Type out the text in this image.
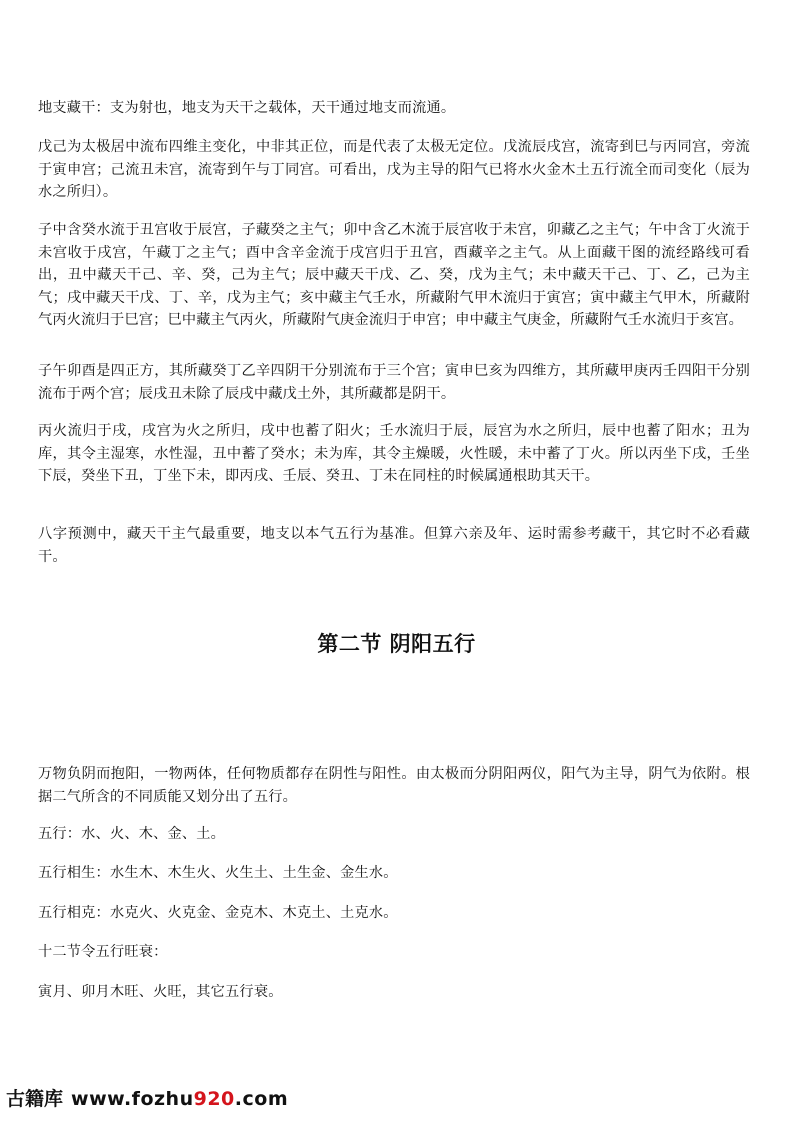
地支藏干：支为射也，地支为天干之载体，天干通过地支而流通。

戊己为太极居中流布四维主变化，中非其正位，而是代表了太极无定位。戊流辰戌宫，流寄到巳与丙同宫，旁流于寅申宫；己流丑未宫，流寄到午与丁同宫。可看出，戊为主导的阳气已将水火金木土五行流全而司变化（辰为水之所归）。

子中含癸水流于丑宫收于辰宫，子藏癸之主气；卯中含乙木流于辰宫收于未宫，卯藏乙之主气；午中含丁火流于未宫收于戌宫，午藏丁之主气；酉中含辛金流于戌宫归于丑宫，酉藏辛之主气。从上面藏干图的流经路线可看出，丑中藏天干己、辛、癸，己为主气；辰中藏天干戊、乙、癸，戊为主气；未中藏天干己、丁、乙，己为主气；戌中藏天干戊、丁、辛，戊为主气；亥中藏主气壬水，所藏附气甲木流归于寅宫；寅中藏主气甲木，所藏附气丙火流归于巳宫；巳中藏主气丙火，所藏附气庚金流归于申宫；申中藏主气庚金，所藏附气壬水流归于亥宫。

子午卯酉是四正方，其所藏癸丁乙辛四阴干分别流布于三个宫；寅申巳亥为四维方，其所藏甲庚丙壬四阳干分别流布于两个宫；辰戌丑未除了辰戌中藏戊土外，其所藏都是阴干。

丙火流归于戌，戌宫为火之所归，戌中也蓄了阳火；壬水流归于辰，辰宫为水之所归，辰中也蓄了阳水；丑为库，其令主湿寒，水性湿，丑中蓄了癸水；未为库，其令主燥暖，火性暖，未中蓄了丁火。所以丙坐下戌，壬坐下辰，癸坐下丑，丁坐下未，即丙戌、壬辰、癸丑、丁未在同柱的时候属通根助其天干。

八字预测中，藏天干主气最重要，地支以本气五行为基准。但算六亲及年、运时需参考藏干，其它时不必看藏干。

第二节 阴阳五行

万物负阴而抱阳，一物两体，任何物质都存在阴性与阳性。由太极而分阴阳两仪，阳气为主导，阴气为依附。根据二气所含的不同质能又划分出了五行。

五行：水、火、木、金、土。

五行相生：水生木、木生火、火生土、土生金、金生水。

五行相克：水克火、火克金、金克木、木克土、土克水。

十二节令五行旺衰：

寅月、卯月木旺、火旺，其它五行衰。

古籍库 www.fozhu920.com
